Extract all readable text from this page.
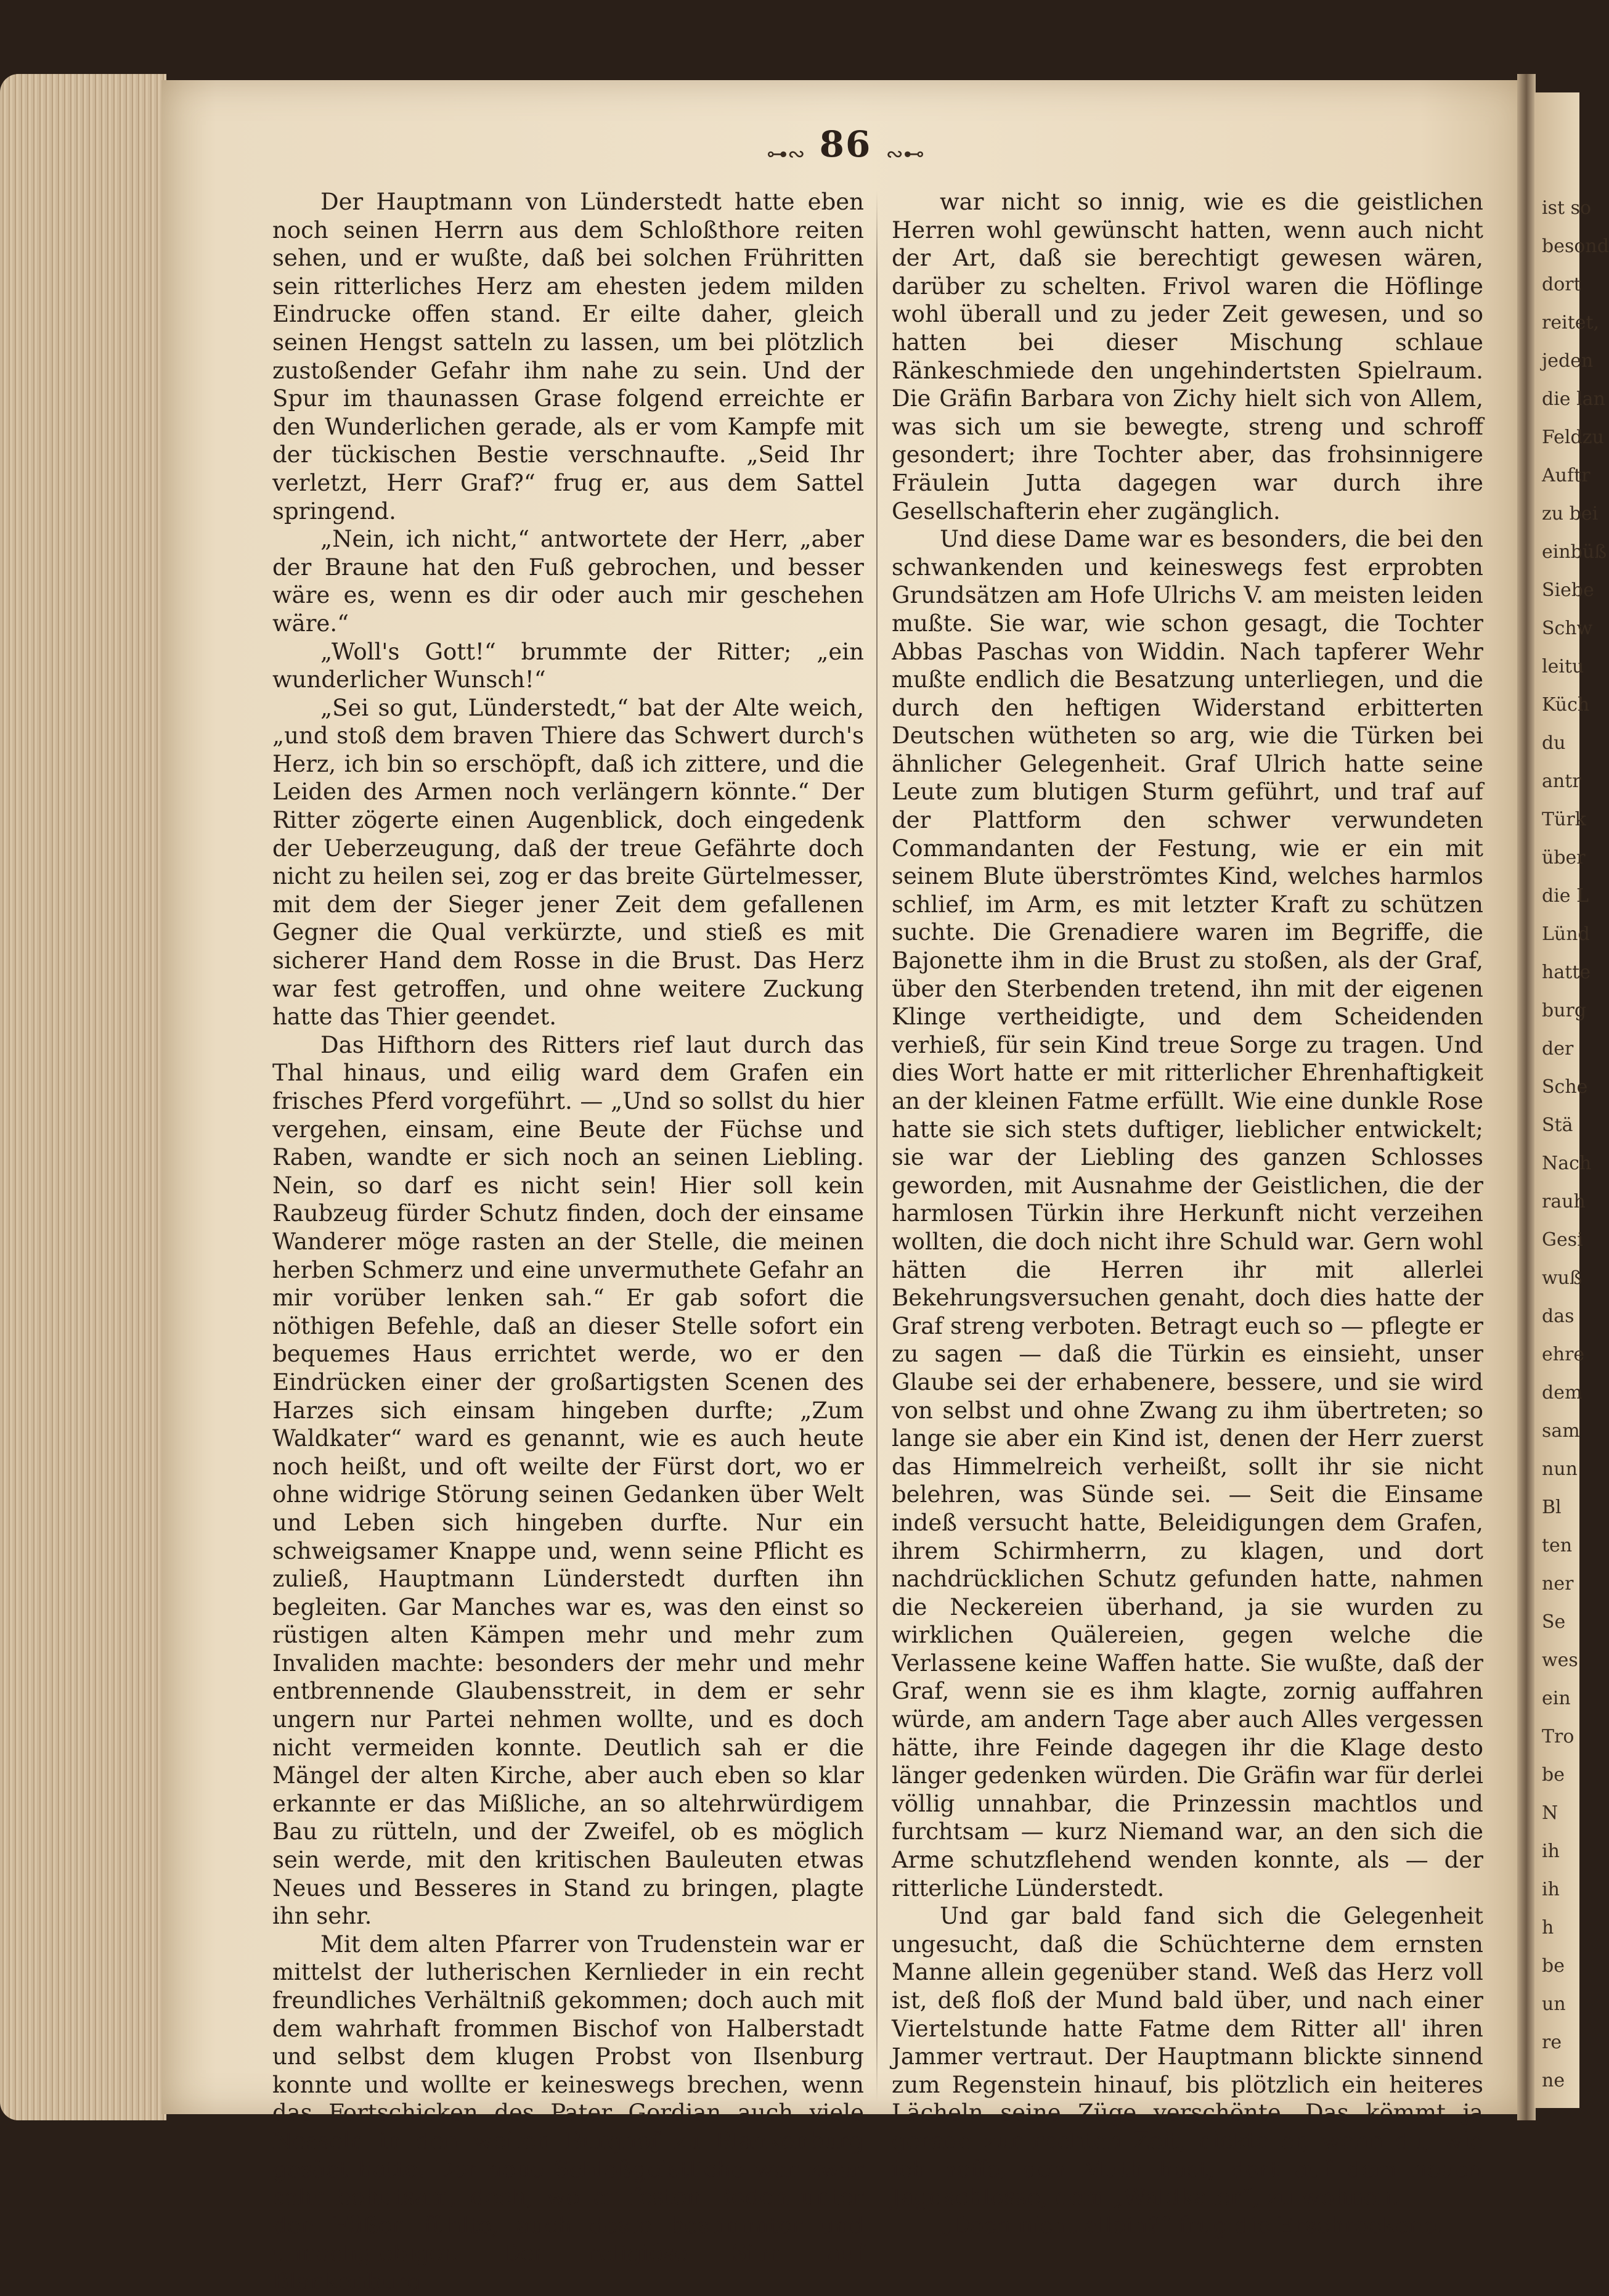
⊶∾ 86 ∾⊷

Der Hauptmann von Lünderstedt hatte eben noch seinen Herrn aus dem Schloßthore reiten sehen, und er wußte, daß bei solchen Frühritten sein ritterliches Herz am ehesten jedem milden Eindrucke offen stand. Er eilte daher, gleich seinen Hengst satteln zu lassen, um bei plötzlich zustoßender Gefahr ihm nahe zu sein. Und der Spur im thaunassen Grase folgend erreichte er den Wunderlichen gerade, als er vom Kampfe mit der tückischen Bestie verschnaufte. „Seid Ihr verletzt, Herr Graf?“ frug er, aus dem Sattel springend.

„Nein, ich nicht,“ antwortete der Herr, „aber der Braune hat den Fuß gebrochen, und besser wäre es, wenn es dir oder auch mir geschehen wäre.“

„Woll's Gott!“ brummte der Ritter; „ein wunderlicher Wunsch!“

„Sei so gut, Lünderstedt,“ bat der Alte weich, „und stoß dem braven Thiere das Schwert durch's Herz, ich bin so erschöpft, daß ich zittere, und die Leiden des Armen noch verlängern könnte.“ Der Ritter zögerte einen Augenblick, doch eingedenk der Ueberzeugung, daß der treue Gefährte doch nicht zu heilen sei, zog er das breite Gürtelmesser, mit dem der Sieger jener Zeit dem gefallenen Gegner die Qual verkürzte, und stieß es mit sicherer Hand dem Rosse in die Brust. Das Herz war fest getroffen, und ohne weitere Zuckung hatte das Thier geendet.

Das Hifthorn des Ritters rief laut durch das Thal hinaus, und eilig ward dem Grafen ein frisches Pferd vorgeführt. — „Und so sollst du hier vergehen, einsam, eine Beute der Füchse und Raben, wandte er sich noch an seinen Liebling. Nein, so darf es nicht sein! Hier soll kein Raubzeug fürder Schutz finden, doch der einsame Wanderer möge rasten an der Stelle, die meinen herben Schmerz und eine unvermuthete Gefahr an mir vorüber lenken sah.“ Er gab sofort die nöthigen Befehle, daß an dieser Stelle sofort ein bequemes Haus errichtet werde, wo er den Eindrücken einer der großartigsten Scenen des Harzes sich einsam hingeben durfte; „Zum Waldkater“ ward es genannt, wie es auch heute noch heißt, und oft weilte der Fürst dort, wo er ohne widrige Störung seinen Gedanken über Welt und Leben sich hingeben durfte. Nur ein schweigsamer Knappe und, wenn seine Pflicht es zuließ, Hauptmann Lünderstedt durften ihn begleiten. Gar Manches war es, was den einst so rüstigen alten Kämpen mehr und mehr zum Invaliden machte: besonders der mehr und mehr entbrennende Glaubensstreit, in dem er sehr ungern nur Partei nehmen wollte, und es doch nicht vermeiden konnte. Deutlich sah er die Mängel der alten Kirche, aber auch eben so klar erkannte er das Mißliche, an so altehrwürdigem Bau zu rütteln, und der Zweifel, ob es möglich sein werde, mit den kritischen Bauleuten etwas Neues und Besseres in Stand zu bringen, plagte ihn sehr.

Mit dem alten Pfarrer von Trudenstein war er mittelst der lutherischen Kernlieder in ein recht freundliches Verhältniß gekommen; doch auch mit dem wahrhaft frommen Bischof von Halberstadt und selbst dem klugen Probst von Ilsenburg konnte und wollte er keineswegs brechen, wenn das Fortschicken des Pater Gordian auch viele Nesseln in den weiten Burghof zu Blankenburg gesäet hatte. Der neue Schloßgeistliche war zwar sehr behutsam, doch, wo er festen Boden unter den Füßen fühlte, auch desto bestimmter und unnachgiebiger. Der religiöse Sinn auf Blankenburg

war nicht so innig, wie es die geistlichen Herren wohl gewünscht hatten, wenn auch nicht der Art, daß sie berechtigt gewesen wären, darüber zu schelten. Frivol waren die Höflinge wohl überall und zu jeder Zeit gewesen, und so hatten bei dieser Mischung schlaue Ränkeschmiede den ungehindertsten Spielraum. Die Gräfin Barbara von Zichy hielt sich von Allem, was sich um sie bewegte, streng und schroff gesondert; ihre Tochter aber, das frohsinnigere Fräulein Jutta dagegen war durch ihre Gesellschafterin eher zugänglich.

Und diese Dame war es besonders, die bei den schwankenden und keineswegs fest erprobten Grundsätzen am Hofe Ulrichs V. am meisten leiden mußte. Sie war, wie schon gesagt, die Tochter Abbas Paschas von Widdin. Nach tapferer Wehr mußte endlich die Besatzung unterliegen, und die durch den heftigen Widerstand erbitterten Deutschen wütheten so arg, wie die Türken bei ähnlicher Gelegenheit. Graf Ulrich hatte seine Leute zum blutigen Sturm geführt, und traf auf der Plattform den schwer verwundeten Commandanten der Festung, wie er ein mit seinem Blute überströmtes Kind, welches harmlos schlief, im Arm, es mit letzter Kraft zu schützen suchte. Die Grenadiere waren im Begriffe, die Bajonette ihm in die Brust zu stoßen, als der Graf, über den Sterbenden tretend, ihn mit der eigenen Klinge vertheidigte, und dem Scheidenden verhieß, für sein Kind treue Sorge zu tragen. Und dies Wort hatte er mit ritterlicher Ehrenhaftigkeit an der kleinen Fatme erfüllt. Wie eine dunkle Rose hatte sie sich stets duftiger, lieblicher entwickelt; sie war der Liebling des ganzen Schlosses geworden, mit Ausnahme der Geistlichen, die der harmlosen Türkin ihre Herkunft nicht verzeihen wollten, die doch nicht ihre Schuld war. Gern wohl hätten die Herren ihr mit allerlei Bekehrungsversuchen genaht, doch dies hatte der Graf streng verboten. Betragt euch so — pflegte er zu sagen — daß die Türkin es einsieht, unser Glaube sei der erhabenere, bessere, und sie wird von selbst und ohne Zwang zu ihm übertreten; so lange sie aber ein Kind ist, denen der Herr zuerst das Himmelreich verheißt, sollt ihr sie nicht belehren, was Sünde sei. — Seit die Einsame indeß versucht hatte, Beleidigungen dem Grafen, ihrem Schirmherrn, zu klagen, und dort nachdrücklichen Schutz gefunden hatte, nahmen die Neckereien überhand, ja sie wurden zu wirklichen Quälereien, gegen welche die Verlassene keine Waffen hatte. Sie wußte, daß der Graf, wenn sie es ihm klagte, zornig auffahren würde, am andern Tage aber auch Alles vergessen hätte, ihre Feinde dagegen ihr die Klage desto länger gedenken würden. Die Gräfin war für derlei völlig unnahbar, die Prinzessin machtlos und furchtsam — kurz Niemand war, an den sich die Arme schutzflehend wenden konnte, als — der ritterliche Lünderstedt.

Und gar bald fand sich die Gelegenheit ungesucht, daß die Schüchterne dem ernsten Manne allein gegenüber stand. Weß das Herz voll ist, deß floß der Mund bald über, und nach einer Viertelstunde hatte Fatme dem Ritter all' ihren Jammer vertraut. Der Hauptmann blickte sinnend zum Regenstein hinauf, bis plötzlich ein heiteres Lächeln seine Züge verschönte. Das kömmt ja gerade zur rechten Zeit, nickte er, wenn du, wie ich hoffe, den Muth hast, dort auf dem neuen Jagdschlosse, dem „Waldkater“, zu wohnen.

„Doch nicht allein?“ frug die Erschrockene.

ist so
besond
dort
reitet,
jeden
die lan
Feldzu
Auftr
zu bei
einbüß
Siebe
Schw
leitu
Küch
du
antr
Türk
über
die L
Lünd
hatte
burg
der
Sche
Stä
Nach
rauh
Gesi
wuß
das
ehre
dem
sam
nun
Bl
ten
ner
Se
wes
ein
Tro
be
N
ih
ih
h
be
un
re
ne
